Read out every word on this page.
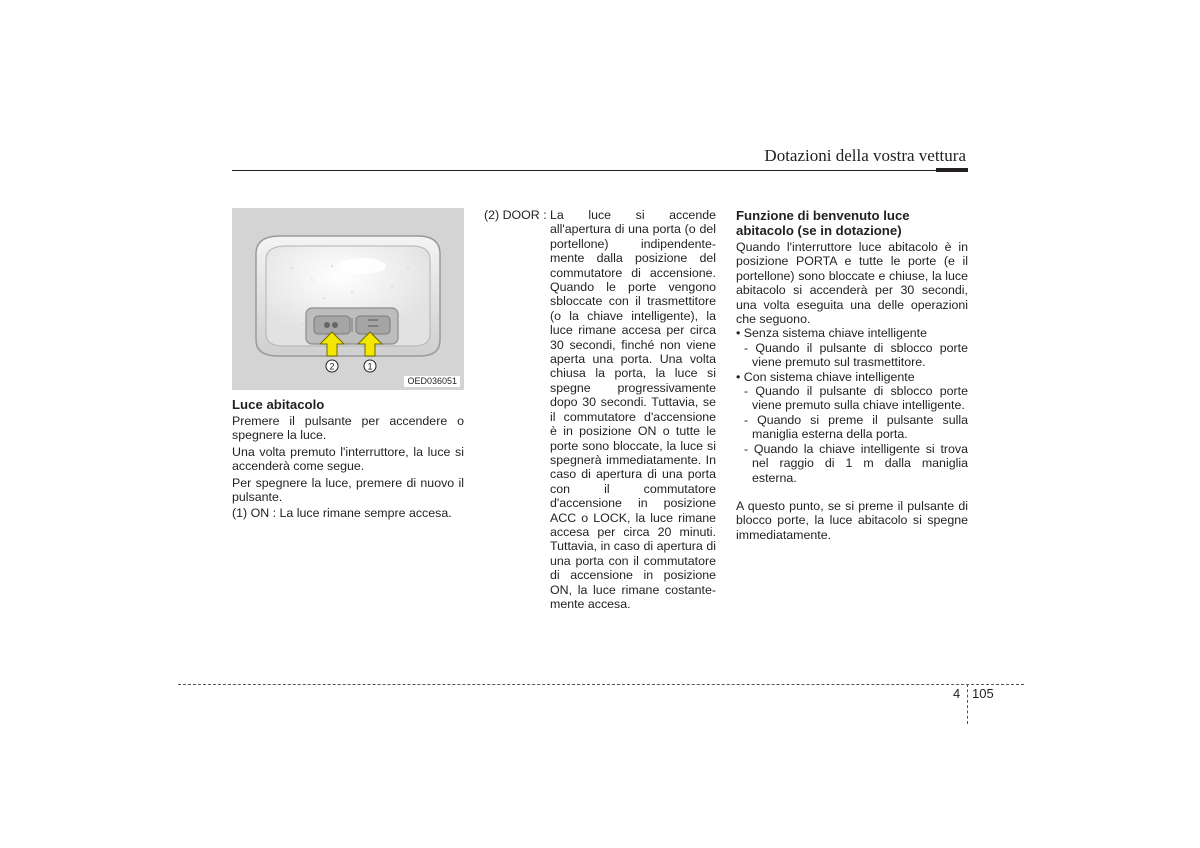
Dotazioni della vostra vettura
2	1
OED036051

Luce abitacolo

Premere il pulsante per accendere o spegnere la luce.

Una volta premuto l'interruttore, la luce si accenderà come segue.

Per spegnere la luce, premere di nuovo il pulsante.

(1) ON : La luce rimane sempre accesa.

(2) DOOR : La luce si accende all'apertura di una porta (o del portellone) indipendente-mente dalla posizione del commutatore di accensione. Quando le porte vengono sbloccate con il trasmettitore (o la chiave intelligente), la luce rimane accesa per circa 30 secondi, finché non viene aperta una porta. Una volta chiusa la porta, la luce si spegne progressivamente dopo 30 secondi. Tuttavia, se il commutatore d'accensione è in posizione ON o tutte le porte sono bloccate, la luce si spegnerà immediatamente. In caso di apertura di una porta con il commutatore d'accensione in posizione ACC o LOCK, la luce rimane accesa per circa 20 minuti. Tuttavia, in caso di apertura di una porta con il commutatore di accensione in posizione ON, la luce rimane costante-mente accesa.

Funzione di benvenuto luce abitacolo (se in dotazione)

Quando l'interruttore luce abitacolo è in posizione PORTA e tutte le porte (e il portellone) sono bloccate e chiuse, la luce abitacolo si accenderà per 30 secondi, una volta eseguita una delle operazioni che seguono.

• Senza sistema chiave intelligente

- Quando il pulsante di sblocco porte viene premuto sul trasmettitore.

• Con sistema chiave intelligente

- Quando il pulsante di sblocco porte viene premuto sulla chiave intelligente.

- Quando si preme il pulsante sulla maniglia esterna della porta.

- Quando la chiave intelligente si trova nel raggio di 1 m dalla maniglia esterna.

A questo punto, se si preme il pulsante di blocco porte, la luce abitacolo si spegne immediatamente.

4 105
